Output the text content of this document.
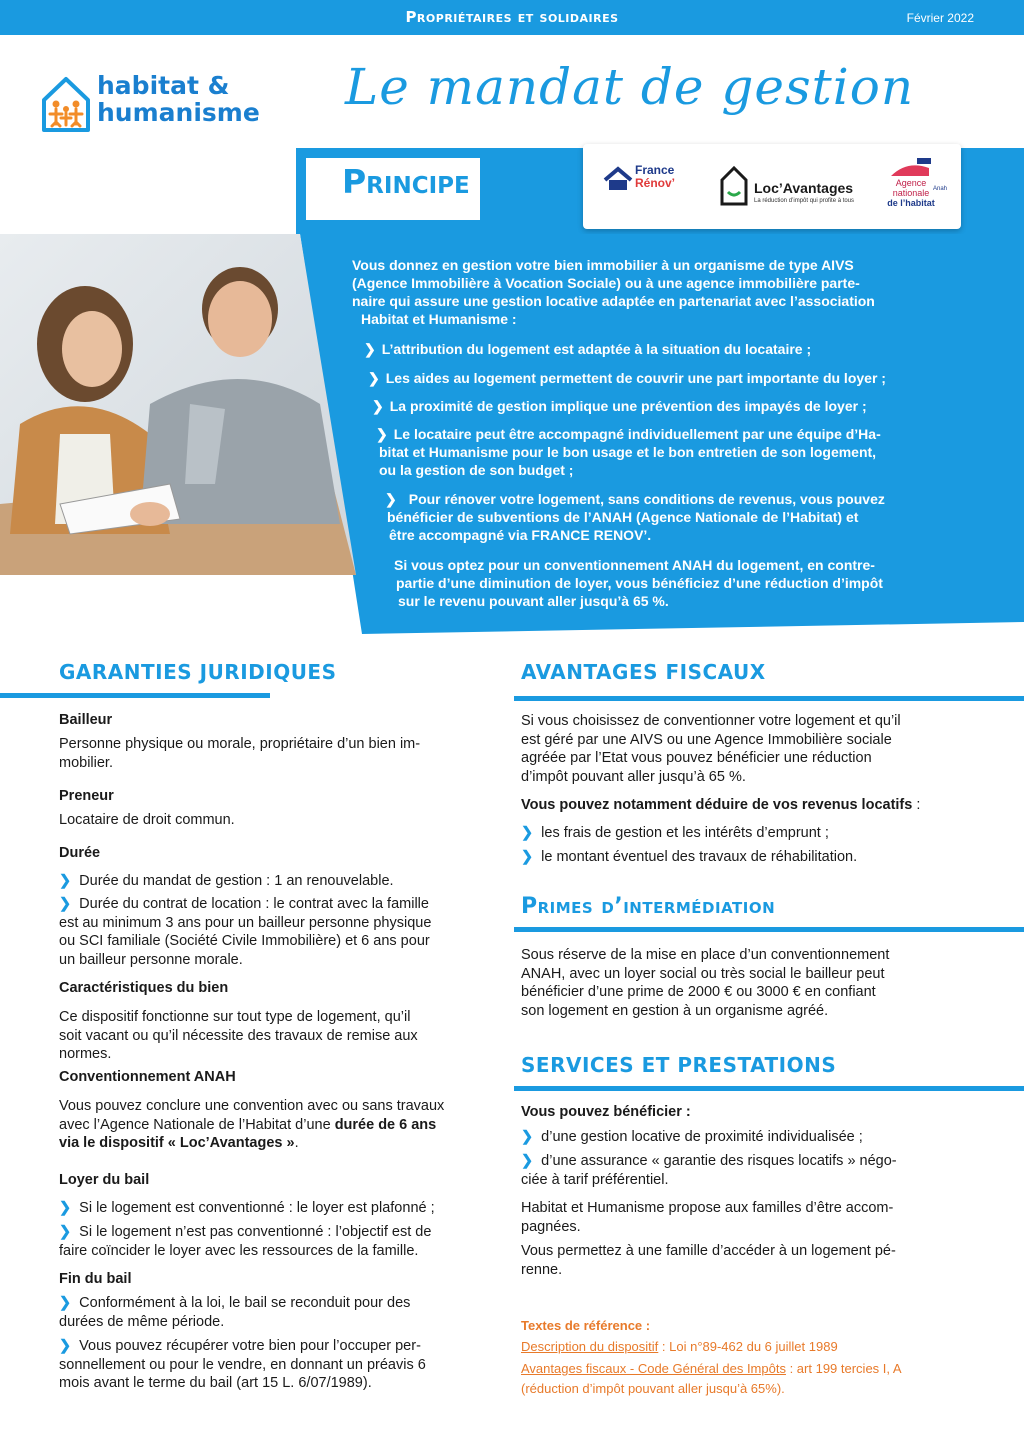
Propriétaires et solidaires	Février 2022
habitat &
humanisme Le mandat de gestion
Principe	France
Rénov’	Loc’Avantages
La réduction d’impôt qui profite à tous
Agence
nationale
de l’habitat
Anah
Vous donnez en gestion votre bien immobilier à un organisme de type AIVS
(Agence Immobilière à Vocation Sociale) ou à une agence immobilière parte-
naire qui assure une gestion locative adaptée en partenariat avec l’association
Habitat et Humanisme :
❯ L’attribution du logement est adaptée à la situation du locataire ;
❯ Les aides au logement permettent de couvrir une part importante du loyer ;
❯ La proximité de gestion implique une prévention des impayés de loyer ;
❯ Le locataire peut être accompagné individuellement par une équipe d’Ha-
bitat et Humanisme pour le bon usage et le bon entretien de son logement,
ou la gestion de son budget ;
❯ Pour rénover votre logement, sans conditions de revenus, vous pouvez
bénéficier de subventions de l’ANAH (Agence Nationale de l’Habitat) et
être accompagné via FRANCE RENOV’.
Si vous optez pour un conventionnement ANAH du logement, en contre-
partie d’une diminution de loyer, vous bénéficiez d’une réduction d’impôt
sur le revenu pouvant aller jusqu’à 65 %.
GARANTIES JURIDIQUES
Bailleur
Personne physique ou morale, propriétaire d’un bien im-
mobilier.
Preneur
Locataire de droit commun.
Durée
❯ Durée du mandat de gestion : 1 an renouvelable.
❯ Durée du contrat de location : le contrat avec la famille
est au minimum 3 ans pour un bailleur personne physique
ou SCI familiale (Société Civile Immobilière) et 6 ans pour
un bailleur personne morale.
Caractéristiques du bien
Ce dispositif fonctionne sur tout type de logement, qu’il
soit vacant ou qu’il nécessite des travaux de remise aux
normes.
Conventionnement ANAH
Vous pouvez conclure une convention avec ou sans travaux
avec l’Agence Nationale de l’Habitat d’une durée de 6 ans
via le dispositif « Loc’Avantages ».
Loyer du bail
❯ Si le logement est conventionné : le loyer est plafonné ;
❯ Si le logement n’est pas conventionné : l’objectif est de
faire coïncider le loyer avec les ressources de la famille.
Fin du bail
❯ Conformément à la loi, le bail se reconduit pour des
durées de même période.
❯ Vous pouvez récupérer votre bien pour l’occuper per-
sonnellement ou pour le vendre, en donnant un préavis 6
mois avant le terme du bail (art 15 L. 6/07/1989).
AVANTAGES FISCAUX
Si vous choisissez de conventionner votre logement et qu’il
est géré par une AIVS ou une Agence Immobilière sociale
agréée par l’Etat vous pouvez bénéficier une réduction
d’impôt pouvant aller jusqu’à 65 %.
Vous pouvez notamment déduire de vos revenus locatifs :
❯ les frais de gestion et les intérêts d’emprunt ;
❯ le montant éventuel des travaux de réhabilitation.
Primes d’intermédiation
Sous réserve de la mise en place d’un conventionnement
ANAH, avec un loyer social ou très social le bailleur peut
bénéficier d’une prime de 2000 € ou 3000 € en confiant
son logement en gestion à un organisme agréé.
SERVICES ET PRESTATIONS
Vous pouvez bénéficier :
❯ d’une gestion locative de proximité individualisée ;
❯ d’une assurance « garantie des risques locatifs » négo-
ciée à tarif préférentiel.
Habitat et Humanisme propose aux familles d’être accom-
pagnées.
Vous permettez à une famille d’accéder à un logement pé-
renne.
Textes de référence :
Description du dispositif : Loi n°89-462 du 6 juillet 1989
Avantages fiscaux - Code Général des Impôts : art 199 tercies I, A
(réduction d’impôt pouvant aller jusqu’à 65%).
